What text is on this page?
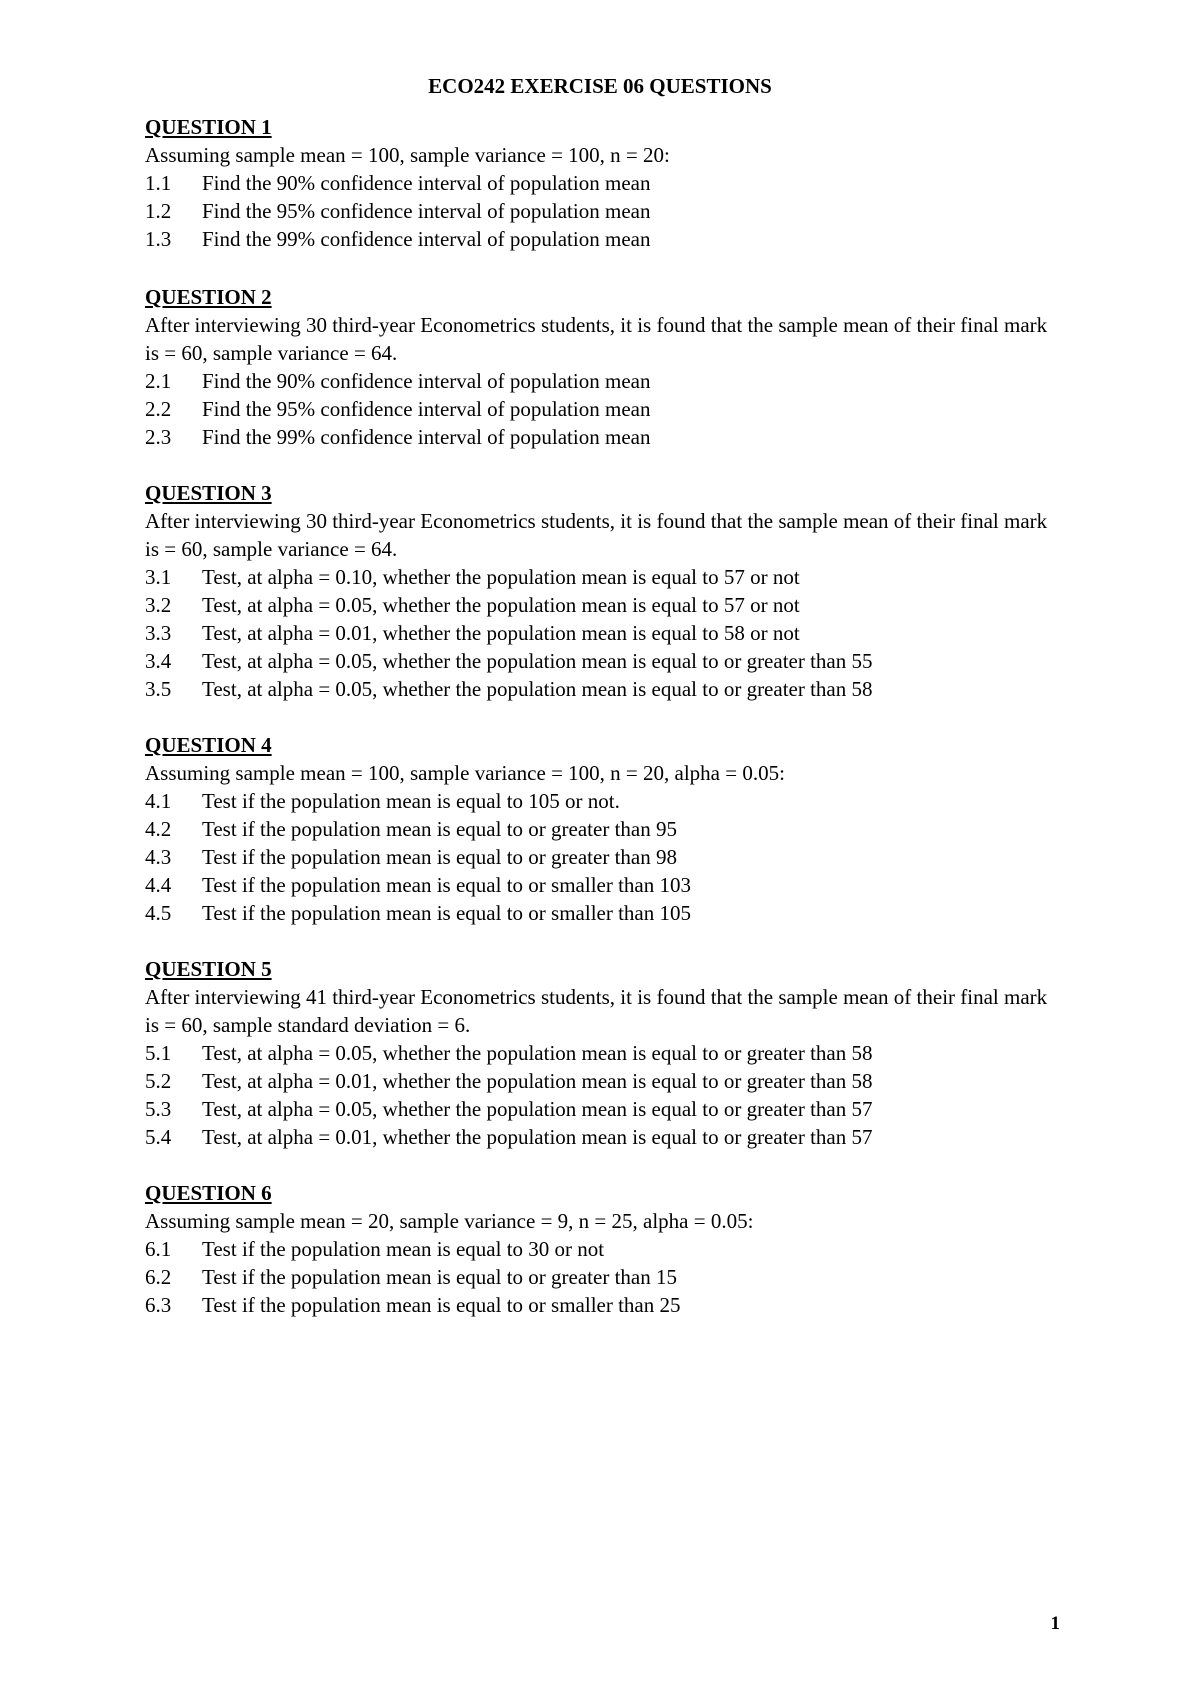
ECO242 EXERCISE 06 QUESTIONS
QUESTION 1
Assuming sample mean = 100, sample variance = 100, n = 20:
1.1	Find the 90% confidence interval of population mean
1.2	Find the 95% confidence interval of population mean
1.3	Find the 99% confidence interval of population mean
QUESTION 2
After interviewing 30 third-year Econometrics students, it is found that the sample mean of their final mark is = 60, sample variance = 64.
2.1	Find the 90% confidence interval of population mean
2.2	Find the 95% confidence interval of population mean
2.3	Find the 99% confidence interval of population mean
QUESTION 3
After interviewing 30 third-year Econometrics students, it is found that the sample mean of their final mark is = 60, sample variance = 64.
3.1	Test, at alpha = 0.10, whether the population mean is equal to 57 or not
3.2	Test, at alpha = 0.05, whether the population mean is equal to 57 or not
3.3	Test, at alpha = 0.01, whether the population mean is equal to 58 or not
3.4	Test, at alpha = 0.05, whether the population mean is equal to or greater than 55
3.5	Test, at alpha = 0.05, whether the population mean is equal to or greater than 58
QUESTION 4
Assuming sample mean = 100, sample variance = 100, n = 20, alpha = 0.05:
4.1	Test if the population mean is equal to 105 or not.
4.2	Test if the population mean is equal to or greater than 95
4.3	Test if the population mean is equal to or greater than 98
4.4	Test if the population mean is equal to or smaller than 103
4.5	Test if the population mean is equal to or smaller than 105
QUESTION 5
After interviewing 41 third-year Econometrics students, it is found that the sample mean of their final mark is = 60, sample standard deviation = 6.
5.1	Test, at alpha = 0.05, whether the population mean is equal to or greater than 58
5.2	Test, at alpha = 0.01, whether the population mean is equal to or greater than 58
5.3	Test, at alpha = 0.05, whether the population mean is equal to or greater than 57
5.4	Test, at alpha = 0.01, whether the population mean is equal to or greater than 57
QUESTION 6
Assuming sample mean = 20, sample variance = 9, n = 25, alpha = 0.05:
6.1	Test if the population mean is equal to 30 or not
6.2	Test if the population mean is equal to or greater than 15
6.3	Test if the population mean is equal to or smaller than 25
1
